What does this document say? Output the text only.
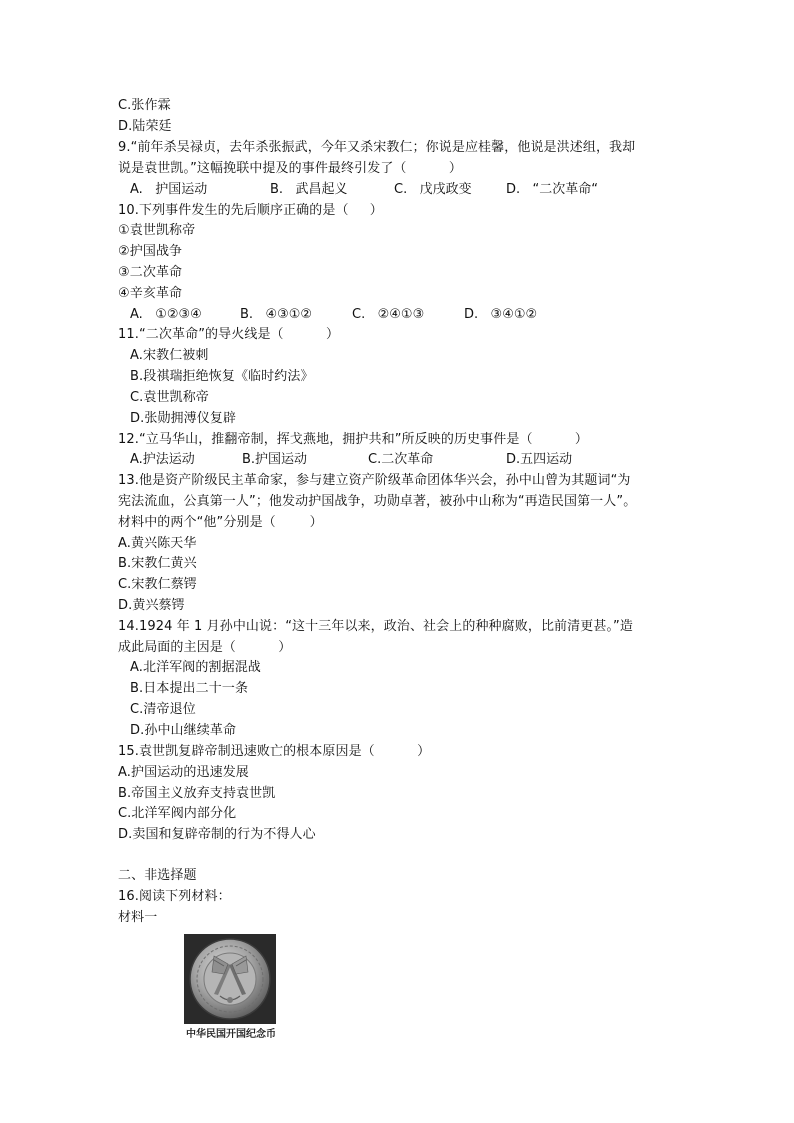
C.张作霖
D.陆荣廷
9.“前年杀吴禄贞，去年杀张振武，今年又杀宋教仁；你说是应桂馨，他说是洪述组，我却
说是袁世凯。”这幅挽联中提及的事件最终引发了（          ）
A.   护国运动	B.   武昌起义	C.   戊戌政变	D.   “二次革命“
10.下列事件发生的先后顺序正确的是（     ）
①袁世凯称帝
②护国战争
③二次革命
④辛亥革命
A.   ①②③④	B.   ④③①②	C.   ②④①③	D.   ③④①②
11.“二次革命”的导火线是（          ）
A.宋教仁被刺
B.段祺瑞拒绝恢复《临时约法》
C.袁世凯称帝
D.张勋拥溥仪复辟
12.“立马华山，推翻帝制，挥戈燕地，拥护共和”所反映的历史事件是（          ）
A.护法运动	B.护国运动	C.二次革命	D.五四运动
13.他是资产阶级民主革命家，参与建立资产阶级革命团体华兴会，孙中山曾为其题词“为
宪法流血，公真第一人”；他发动护国战争，功勋卓著，被孙中山称为“再造民国第一人”。
材料中的两个“他”分别是（        ）
A.黄兴陈天华
B.宋教仁黄兴
C.宋教仁蔡锷
D.黄兴蔡锷
14.1924 年 1 月孙中山说：“这十三年以来，政治、社会上的种种腐败，比前清更甚。”造
成此局面的主因是（          ）
A.北洋军阀的割据混战
B.日本提出二十一条
C.清帝退位
D.孙中山继续革命
15.袁世凯复辟帝制迅速败亡的根本原因是（          ）
A.护国运动的迅速发展
B.帝国主义放弃支持袁世凯
C.北洋军阀内部分化
D.卖国和复辟帝制的行为不得人心
二、非选择题
16.阅读下列材料：
材料一
中华民国开国纪念币
